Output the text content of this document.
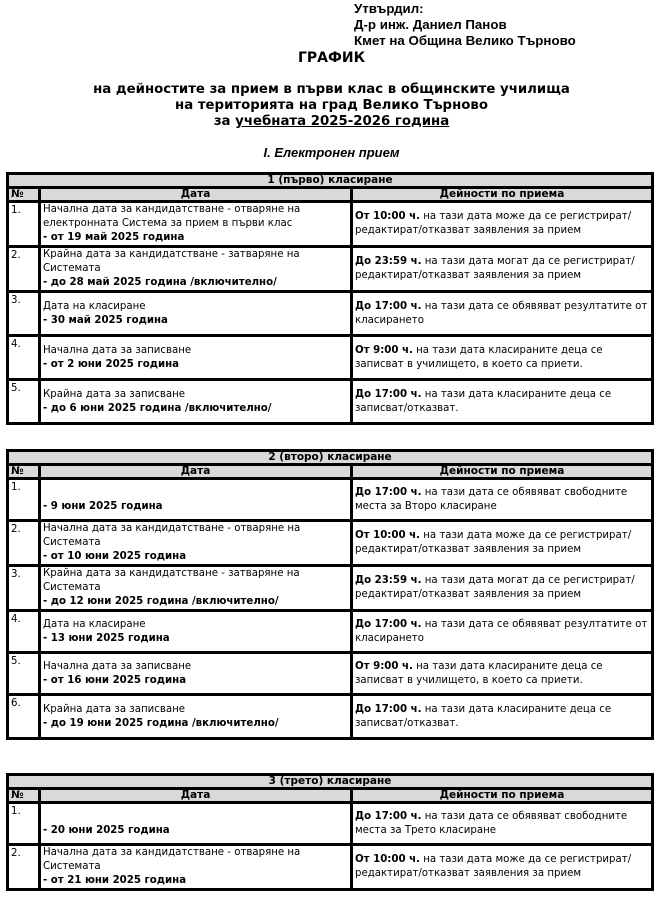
Утвърдил:
Д-р инж. Даниел Панов
Кмет на Община Велико Търново
ГРАФИК
на дейностите за прием в първи клас в общинските училища
на територията на град Велико Търново
за учебната 2025-2026 година
I. Електронен прием
1 (първо) класиране		
№	Дата	Дейности по приема
1.	Начална дата за кандидатстване - отваряне на електронната Система за прием в първи клас
- от 19 май 2025 година	От 10:00 ч. на тази дата може да се регистрират/редактират/отказват заявления за прием
2.	Крайна дата за кандидатстване - затваряне на Системата
- до 28 май 2025 година /включително/	До 23:59 ч. на тази дата могат да се регистрират/ редактират/отказват заявления за прием
3.	Дата на класиране
- 30 май 2025 година	До 17:00 ч. на тази дата се обявяват резултатите от класирането
4.	Начална дата за записване
- от 2 юни 2025 година	От 9:00 ч. на тази дата класираните деца се записват в училището, в което са приети.
5.	Крайна дата за записване
- до 6 юни 2025 година /включително/	До 17:00 ч. на тази дата класираните деца се записват/отказват.
2 (второ) класиране		
№	Дата	Дейности по приема
1.	- 9 юни 2025 година	До 17:00 ч. на тази дата се обявяват свободните места за Второ класиране
2.	Начална дата за кандидатстване - отваряне на Системата
- от 10 юни 2025 година	От 10:00 ч. на тази дата може да се регистрират/редактират/отказват заявления за прием
3.	Крайна дата за кандидатстване - затваряне на Системата
- до 12 юни 2025 година /включително/	До 23:59 ч. на тази дата могат да се регистрират/ редактират/отказват заявления за прием
4.	Дата на класиране
- 13 юни 2025 година	До 17:00 ч. на тази дата се обявяват резултатите от класирането
5.	Начална дата за записване
- от 16 юни 2025 година	От 9:00 ч. на тази дата класираните деца се записват в училището, в което са приети.
6.	Крайна дата за записване
- до 19 юни 2025 година /включително/	До 17:00 ч. на тази дата класираните деца се записват/отказват.
3 (трето) класиране		
№	Дата	Дейности по приема
1.	- 20 юни 2025 година	До 17:00 ч. на тази дата се обявяват свободните места за Трето класиране
2.	Начална дата за кандидатстване - отваряне на Системата
- от 21 юни 2025 година	От 10:00 ч. на тази дата може да се регистрират/редактират/отказват заявления за прием
